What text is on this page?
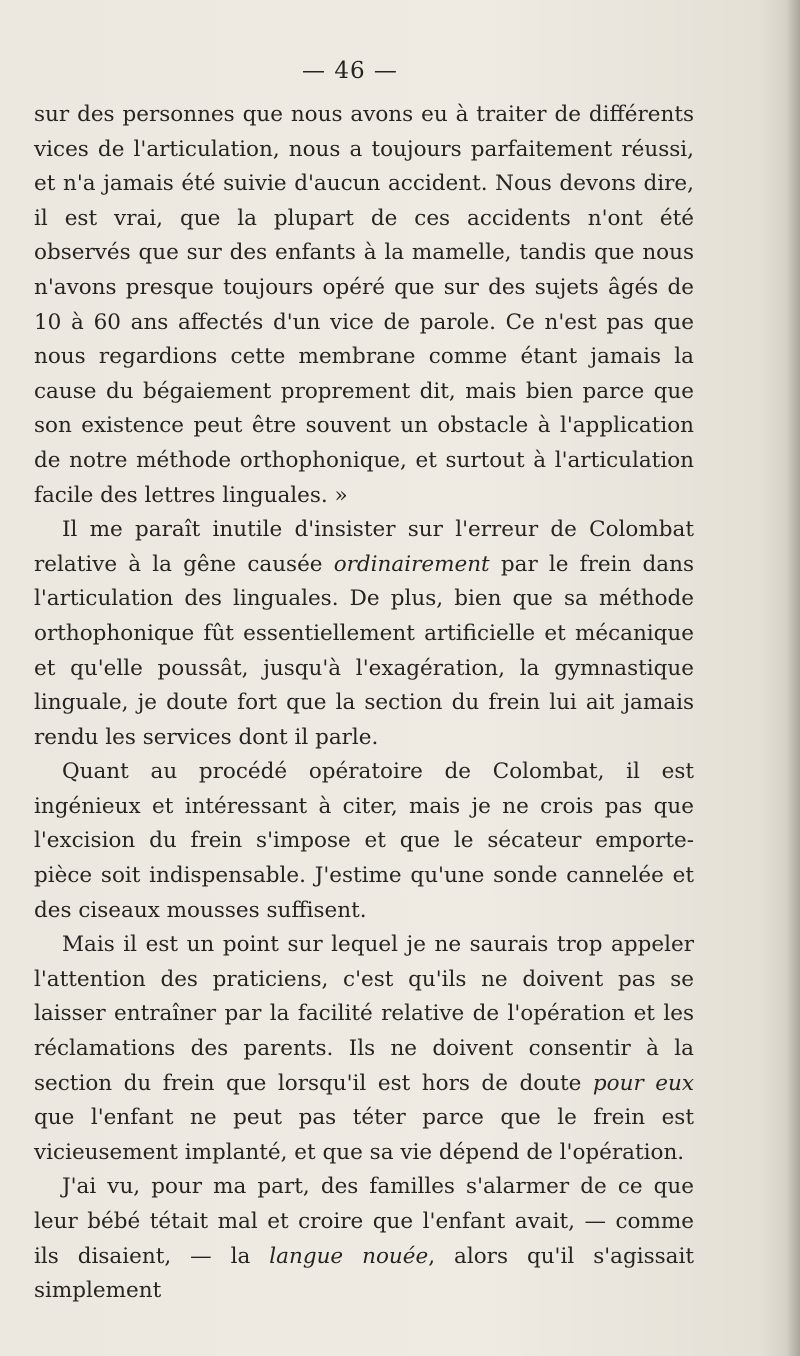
— 46 —

sur des personnes que nous avons eu à traiter de différents vices de l'articulation, nous a toujours parfaitement réussi, et n'a jamais été suivie d'aucun accident. Nous devons dire, il est vrai, que la plupart de ces accidents n'ont été observés que sur des enfants à la mamelle, tandis que nous n'avons presque toujours opéré que sur des sujets âgés de 10 à 60 ans affectés d'un vice de parole. Ce n'est pas que nous regardions cette membrane comme étant jamais la cause du bégaiement proprement dit, mais bien parce que son existence peut être souvent un obstacle à l'application de notre méthode orthophonique, et surtout à l'articulation facile des lettres linguales. »

Il me paraît inutile d'insister sur l'erreur de Colombat relative à la gêne causée ordinairement par le frein dans l'articulation des linguales. De plus, bien que sa méthode orthophonique fût essentiellement artificielle et mécanique et qu'elle poussât, jusqu'à l'exagération, la gymnastique linguale, je doute fort que la section du frein lui ait jamais rendu les services dont il parle.

Quant au procédé opératoire de Colombat, il est ingénieux et intéressant à citer, mais je ne crois pas que l'excision du frein s'impose et que le sécateur emporte-pièce soit indispensable. J'estime qu'une sonde cannelée et des ciseaux mousses suffisent.

Mais il est un point sur lequel je ne saurais trop appeler l'attention des praticiens, c'est qu'ils ne doivent pas se laisser entraîner par la facilité relative de l'opération et les réclamations des parents. Ils ne doivent consentir à la section du frein que lorsqu'il est hors de doute pour eux que l'enfant ne peut pas téter parce que le frein est vicieusement implanté, et que sa vie dépend de l'opération.

J'ai vu, pour ma part, des familles s'alarmer de ce que leur bébé tétait mal et croire que l'enfant avait, — comme ils disaient, — la langue nouée, alors qu'il s'agissait simplement
